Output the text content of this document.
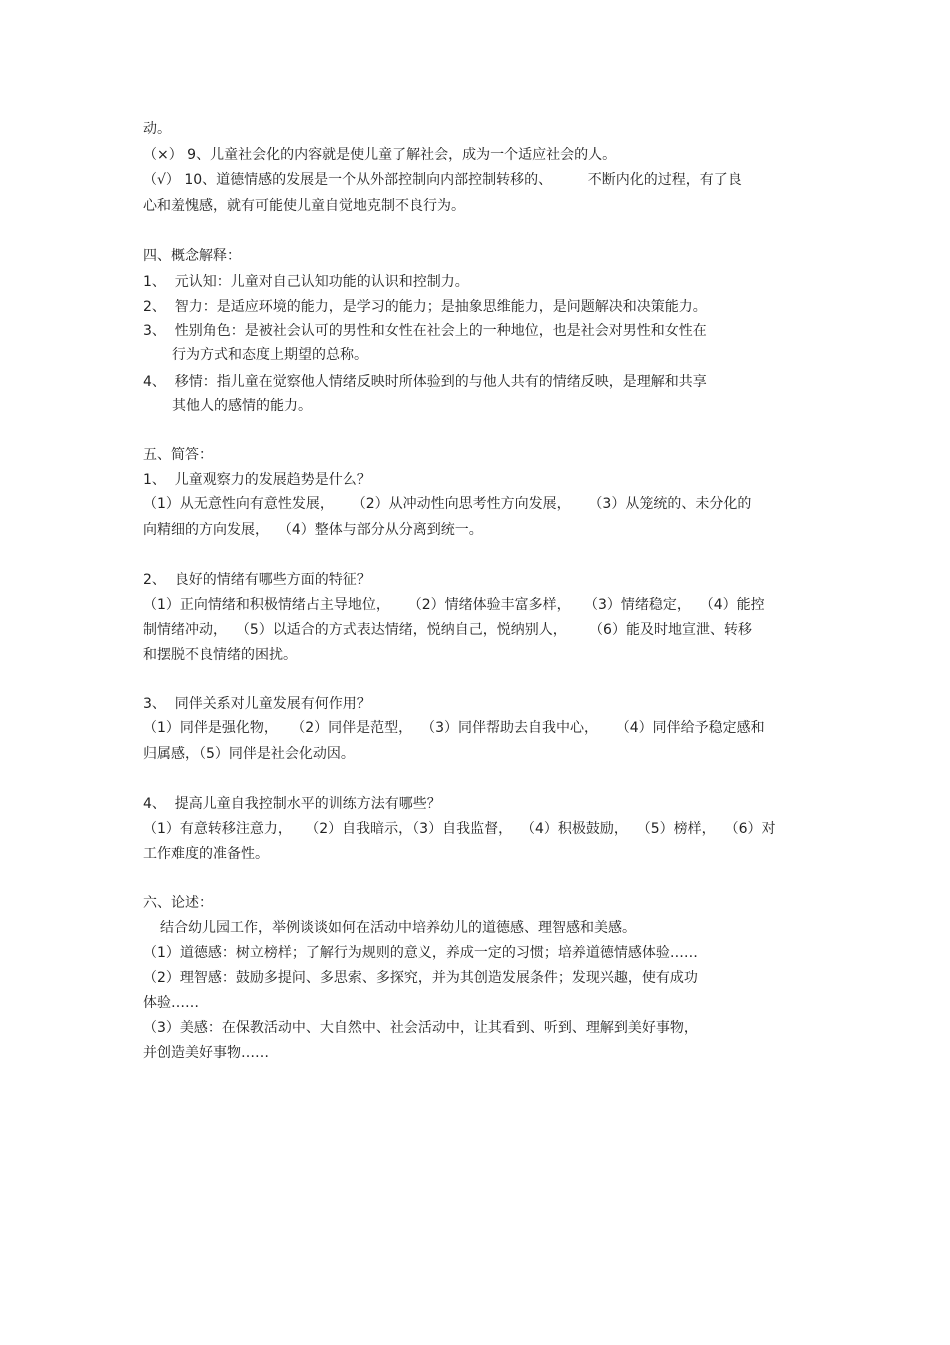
动。
（×） 9、儿童社会化的内容就是使儿童了解社会，成为一个适应社会的人。
（√） 10、道德情感的发展是一个从外部控制向内部控制转移的、        不断内化的过程，有了良
心和羞愧感，就有可能使儿童自觉地克制不良行为。
四、概念解释：
1、  元认知：儿童对自己认知功能的认识和控制力。
2、  智力：是适应环境的能力，是学习的能力；是抽象思维能力，是问题解决和决策能力。
3、  性别角色：是被社会认可的男性和女性在社会上的一种地位，也是社会对男性和女性在
行为方式和态度上期望的总称。
4、  移情：指儿童在觉察他人情绪反映时所体验到的与他人共有的情绪反映，是理解和共享
其他人的感情的能力。
五、简答：
1、  儿童观察力的发展趋势是什么？
（1）从无意性向有意性发展，    （2）从冲动性向思考性方向发展，    （3）从笼统的、未分化的
向精细的方向发展，  （4）整体与部分从分离到统一。
2、  良好的情绪有哪些方面的特征？
（1）正向情绪和积极情绪占主导地位，    （2）情绪体验丰富多样，   （3）情绪稳定，  （4）能控
制情绪冲动，  （5）以适合的方式表达情绪，悦纳自己，悦纳别人，     （6）能及时地宣泄、转移
和摆脱不良情绪的困扰。
3、  同伴关系对儿童发展有何作用？
（1）同伴是强化物，   （2）同伴是范型，  （3）同伴帮助去自我中心，    （4）同伴给予稳定感和
归属感，（5）同伴是社会化动因。
4、  提高儿童自我控制水平的训练方法有哪些？
（1）有意转移注意力，   （2）自我暗示，（3）自我监督，  （4）积极鼓励，  （5）榜样，  （6）对
工作难度的准备性。
六、论述：
结合幼儿园工作，举例谈谈如何在活动中培养幼儿的道德感、理智感和美感。
（1）道德感：树立榜样；了解行为规则的意义，养成一定的习惯；培养道德情感体验……
（2）理智感：鼓励多提问、多思索、多探究，并为其创造发展条件；发现兴趣，使有成功
体验……
（3）美感：在保教活动中、大自然中、社会活动中，让其看到、听到、理解到美好事物，
并创造美好事物……
